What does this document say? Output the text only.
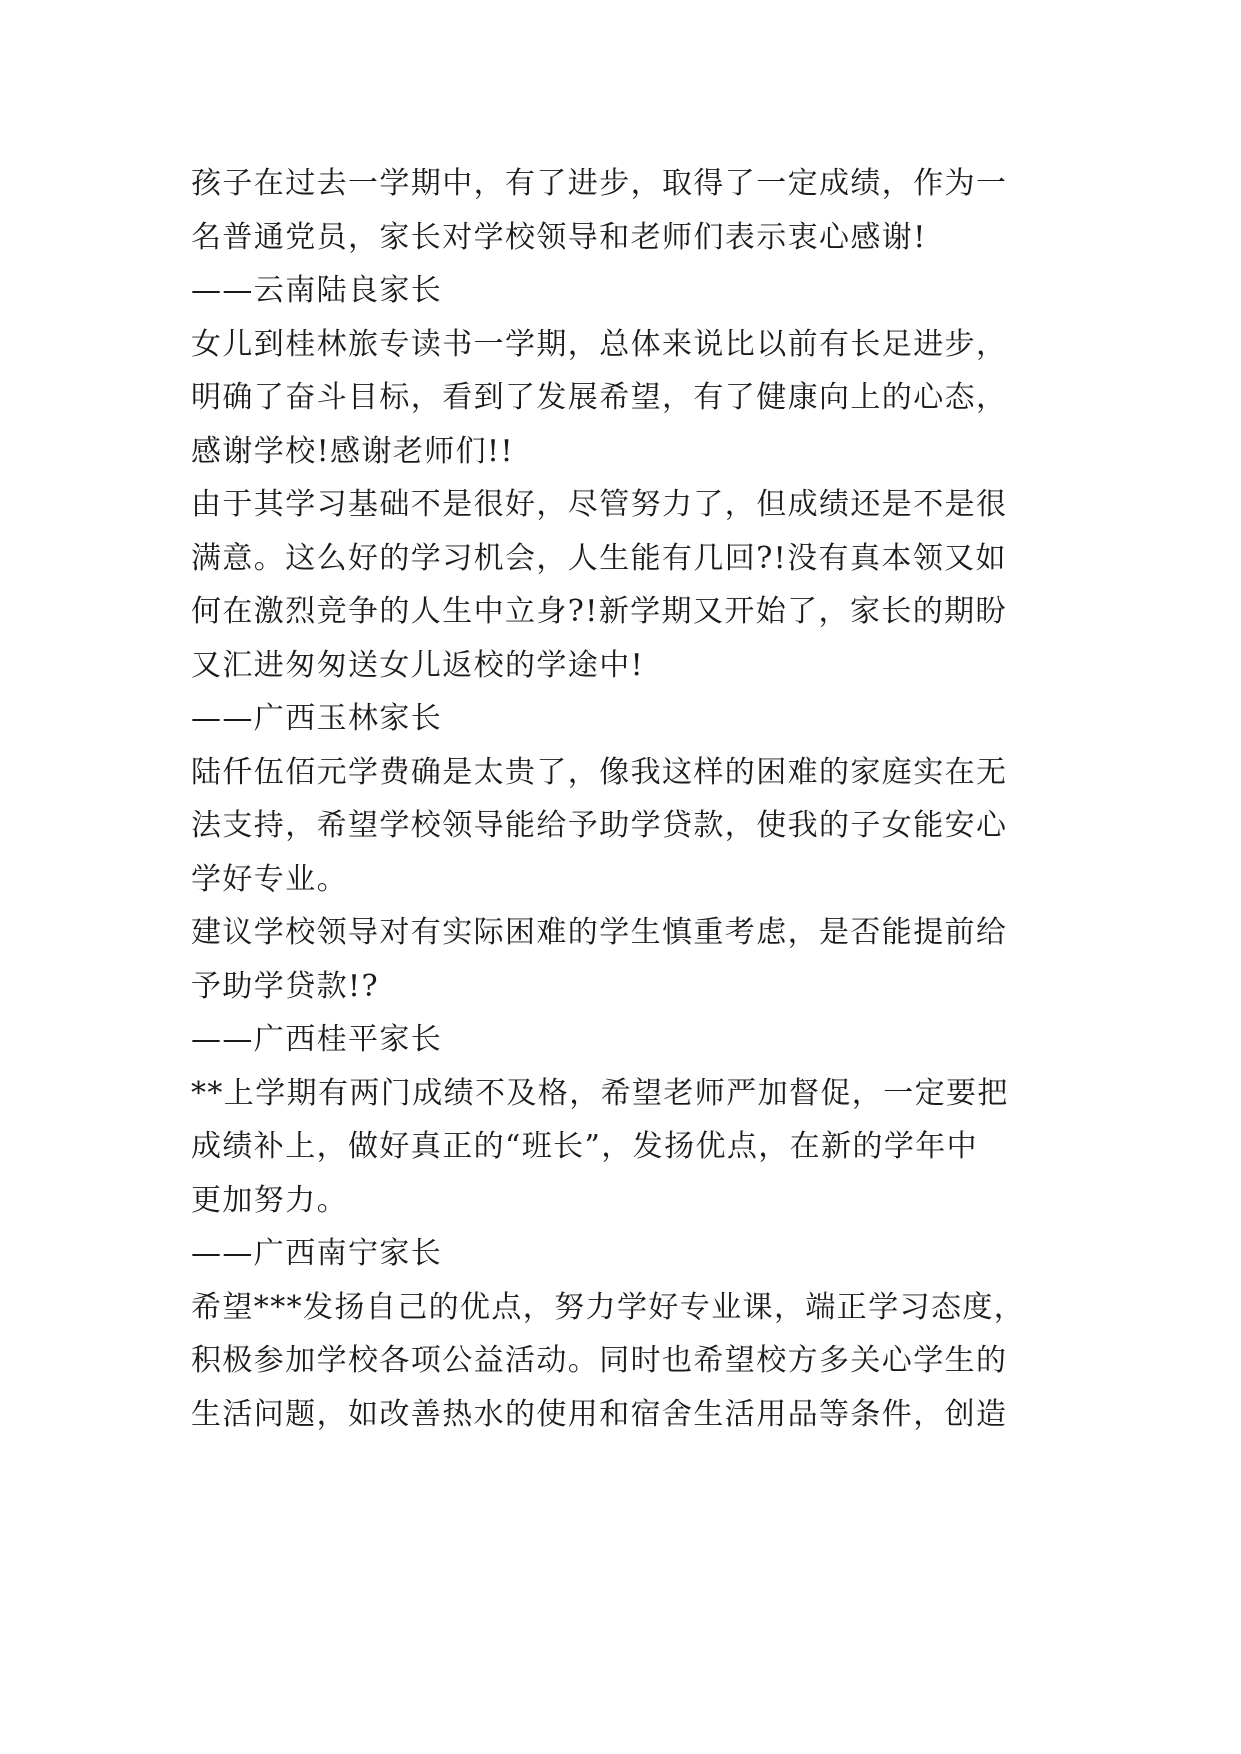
孩子在过去一学期中，有了进步，取得了一定成绩，作为一
名普通党员，家长对学校领导和老师们表示衷心感谢!
——云南陆良家长
女儿到桂林旅专读书一学期，总体来说比以前有长足进步，
明确了奋斗目标，看到了发展希望，有了健康向上的心态，
感谢学校!感谢老师们!!
由于其学习基础不是很好，尽管努力了，但成绩还是不是很
满意。这么好的学习机会，人生能有几回?!没有真本领又如
何在激烈竞争的人生中立身?!新学期又开始了，家长的期盼
又汇进匆匆送女儿返校的学途中!
——广西玉林家长
陆仟伍佰元学费确是太贵了，像我这样的困难的家庭实在无
法支持，希望学校领导能给予助学贷款，使我的子女能安心
学好专业。
建议学校领导对有实际困难的学生慎重考虑，是否能提前给
予助学贷款!?
——广西桂平家长
**上学期有两门成绩不及格，希望老师严加督促，一定要把
成绩补上，做好真正的“班长”，发扬优点，在新的学年中
更加努力。
——广西南宁家长
希望***发扬自己的优点，努力学好专业课，端正学习态度，
积极参加学校各项公益活动。同时也希望校方多关心学生的
生活问题，如改善热水的使用和宿舍生活用品等条件，创造
